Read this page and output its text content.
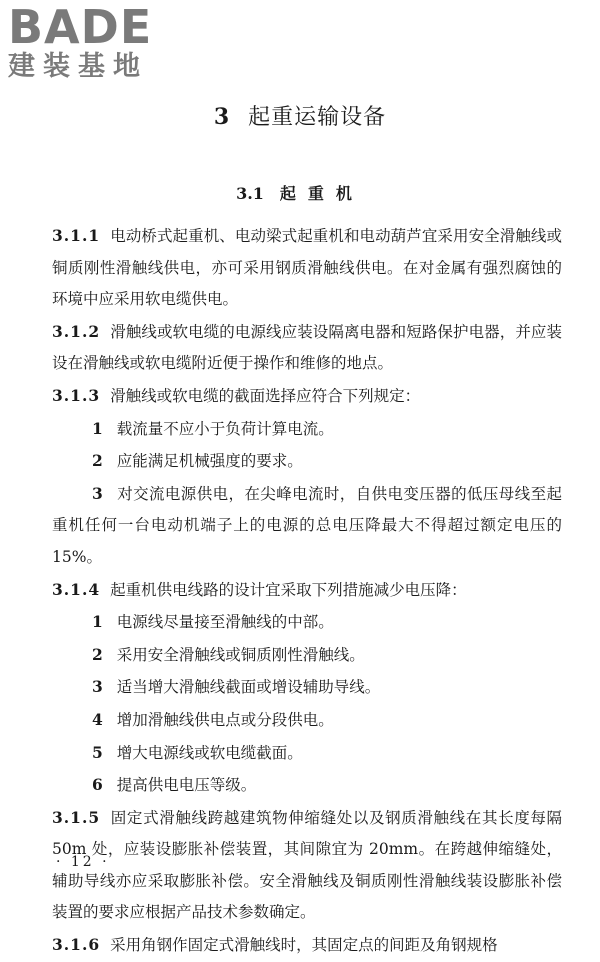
BADE
建装基地
3 起重运输设备
3.1 起重机

3.1.1 电动桥式起重机、电动梁式起重机和电动葫芦宜采用安全滑触线或铜质刚性滑触线供电，亦可采用钢质滑触线供电。在对金属有强烈腐蚀的环境中应采用软电缆供电。

3.1.2 滑触线或软电缆的电源线应装设隔离电器和短路保护电器，并应装设在滑触线或软电缆附近便于操作和维修的地点。

3.1.3 滑触线或软电缆的截面选择应符合下列规定：

1 载流量不应小于负荷计算电流。

2 应能满足机械强度的要求。

3 对交流电源供电，在尖峰电流时，自供电变压器的低压母线至起重机任何一台电动机端子上的电源的总电压降最大不得超过额定电压的 15%。

3.1.4 起重机供电线路的设计宜采取下列措施减少电压降：

1 电源线尽量接至滑触线的中部。

2 采用安全滑触线或铜质刚性滑触线。

3 适当增大滑触线截面或增设辅助导线。

4 增加滑触线供电点或分段供电。

5 增大电源线或软电缆截面。

6 提高供电电压等级。

3.1.5 固定式滑触线跨越建筑物伸缩缝处以及钢质滑触线在其长度每隔 50m 处，应装设膨胀补偿装置，其间隙宜为 20mm。在跨越伸缩缝处，辅助导线亦应采取膨胀补偿。安全滑触线及铜质刚性滑触线装设膨胀补偿装置的要求应根据产品技术参数确定。

3.1.6 采用角钢作固定式滑触线时，其固定点的间距及角钢规格

· 12 ·
